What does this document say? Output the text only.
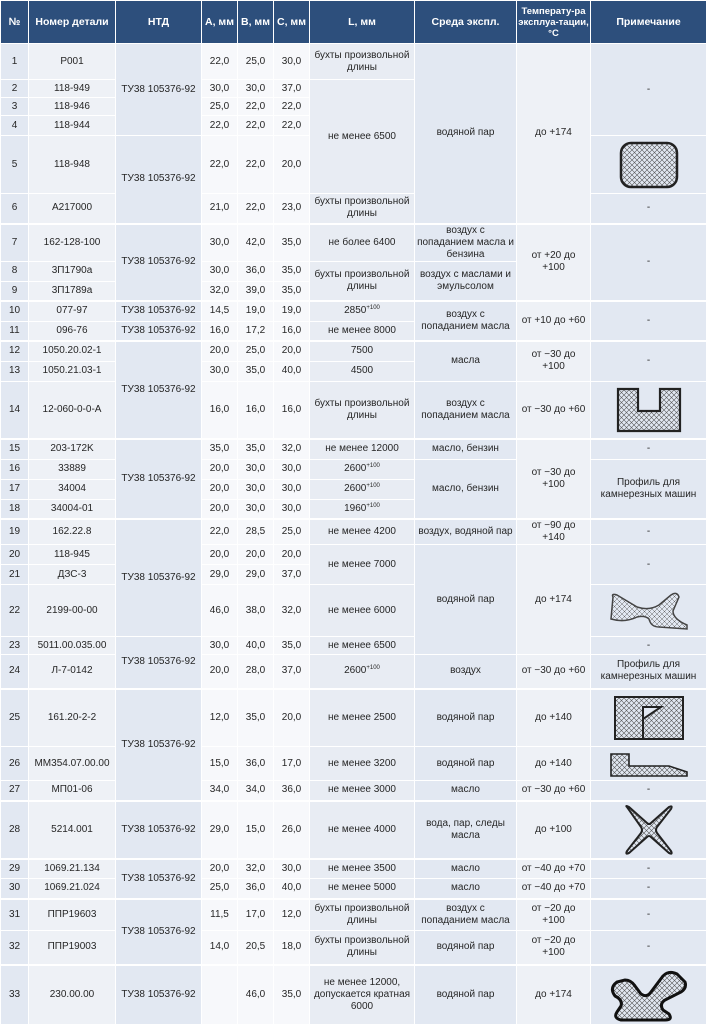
№	Номер детали	НТД	А, мм	В, мм	С, мм	L, мм	Среда экспл.	Температу-ра эксплуа-тации, °С	Примечание
1	P001	ТУ38 105376-92	22,0	25,0	30,0	бухты произвольной длины	водяной пар	до +174	-
2	118-949		30,0	30,0	37,0	не менее 6500			
3	118-946		25,0	22,0	22,0				
4	118-944		22,0	22,0	22,0				
5	118-948	ТУ38 105376-92	22,0	22,0	20,0	

6	A217000		21,0	22,0	23,0	бухты произвольной длины			-
7	162-128-100	ТУ38 105376-92	30,0	42,0	35,0	не более 6400	воздух с попаданием масла и бензина	от +20 до +100	-
8	3П1790а		30,0	36,0	35,0	бухты произвольной длины	воздух с маслами и эмульсолом		
9	3П1789а		32,0	39,0	35,0				
10	077-97	ТУ38 105376-92	14,5	19,0	19,0	$2850^{+100}$	воздух с попаданием масла	от +10 до +60	-
11	096-76	ТУ38 105376-92	16,0	17,2	16,0	не менее 8000			
12	1050.20.02-1	ТУ38 105376-92	20,0	25,0	20,0	7500	масла	от −30 до +100	-
13	1050.21.03-1		30,0	35,0	40,0	4500			
14	12-060-0-0-A		16,0	16,0	16,0	бухты произвольной длины	воздух с попаданием масла	от −30 до +60	

15	203-172K	ТУ38 105376-92	35,0	35,0	32,0	не менее 12000	масло, бензин	от −30 до +100	-
16	33889		20,0	30,0	30,0	$2600^{+100}$	масло, бензин		Профиль для камнерезных машин
17	34004		20,0	30,0	30,0	$2600^{+100}$
18	34004-01		20,0	30,0	30,0	$1960^{+100}$
19	162.22.8	ТУ38 105376-92	22,0	28,5	25,0	не менее 4200	воздух, водяной пар	от −90 до +140	-
20	118-945		20,0	20,0	20,0	не менее 7000	водяной пар	до +174	-
21	ДЗС-3		29,0	29,0	37,0				
22	2199-00-00		46,0	38,0	32,0	не менее 6000	

23	5011.00.035.00	ТУ38 105376-92	30,0	40,0	35,0	не менее 6500			-
24	Л-7-0142		20,0	28,0	37,0	$2600^{+100}$	воздух	от −30 до +60	Профиль для камнерезных машин
25	161.20-2-2	ТУ38 105376-92	12,0	35,0	20,0	не менее 2500	водяной пар	до +140	

26	ММ354.07.00.00		15,0	36,0	17,0	не менее 3200	водяной пар	до +140	

27	МП01-06		34,0	34,0	36,0	не менее 3000	масло	от −30 до +60	-
28	5214.001	ТУ38 105376-92	29,0	15,0	26,0	не менее 4000	вода, пар, следы масла	до +100	

29	1069.21.134	ТУ38 105376-92	20,0	32,0	30,0	не менее 3500	масло	от −40 до +70	-
30	1069.21.024		25,0	36,0	40,0	не менее 5000	масло	от −40 до +70	-
31	ППР19603	ТУ38 105376-92	11,5	17,0	12,0	бухты произвольной длины	воздух с попаданием масла	от −20 до +100	-
32	ППР19003		14,0	20,5	18,0	бухты произвольной длины	водяной пар	от −20 до +100	-
33	230.00.00	ТУ38 105376-92		46,0	35,0	не менее 12000, допускается кратная 6000	водяной пар	до +174	
